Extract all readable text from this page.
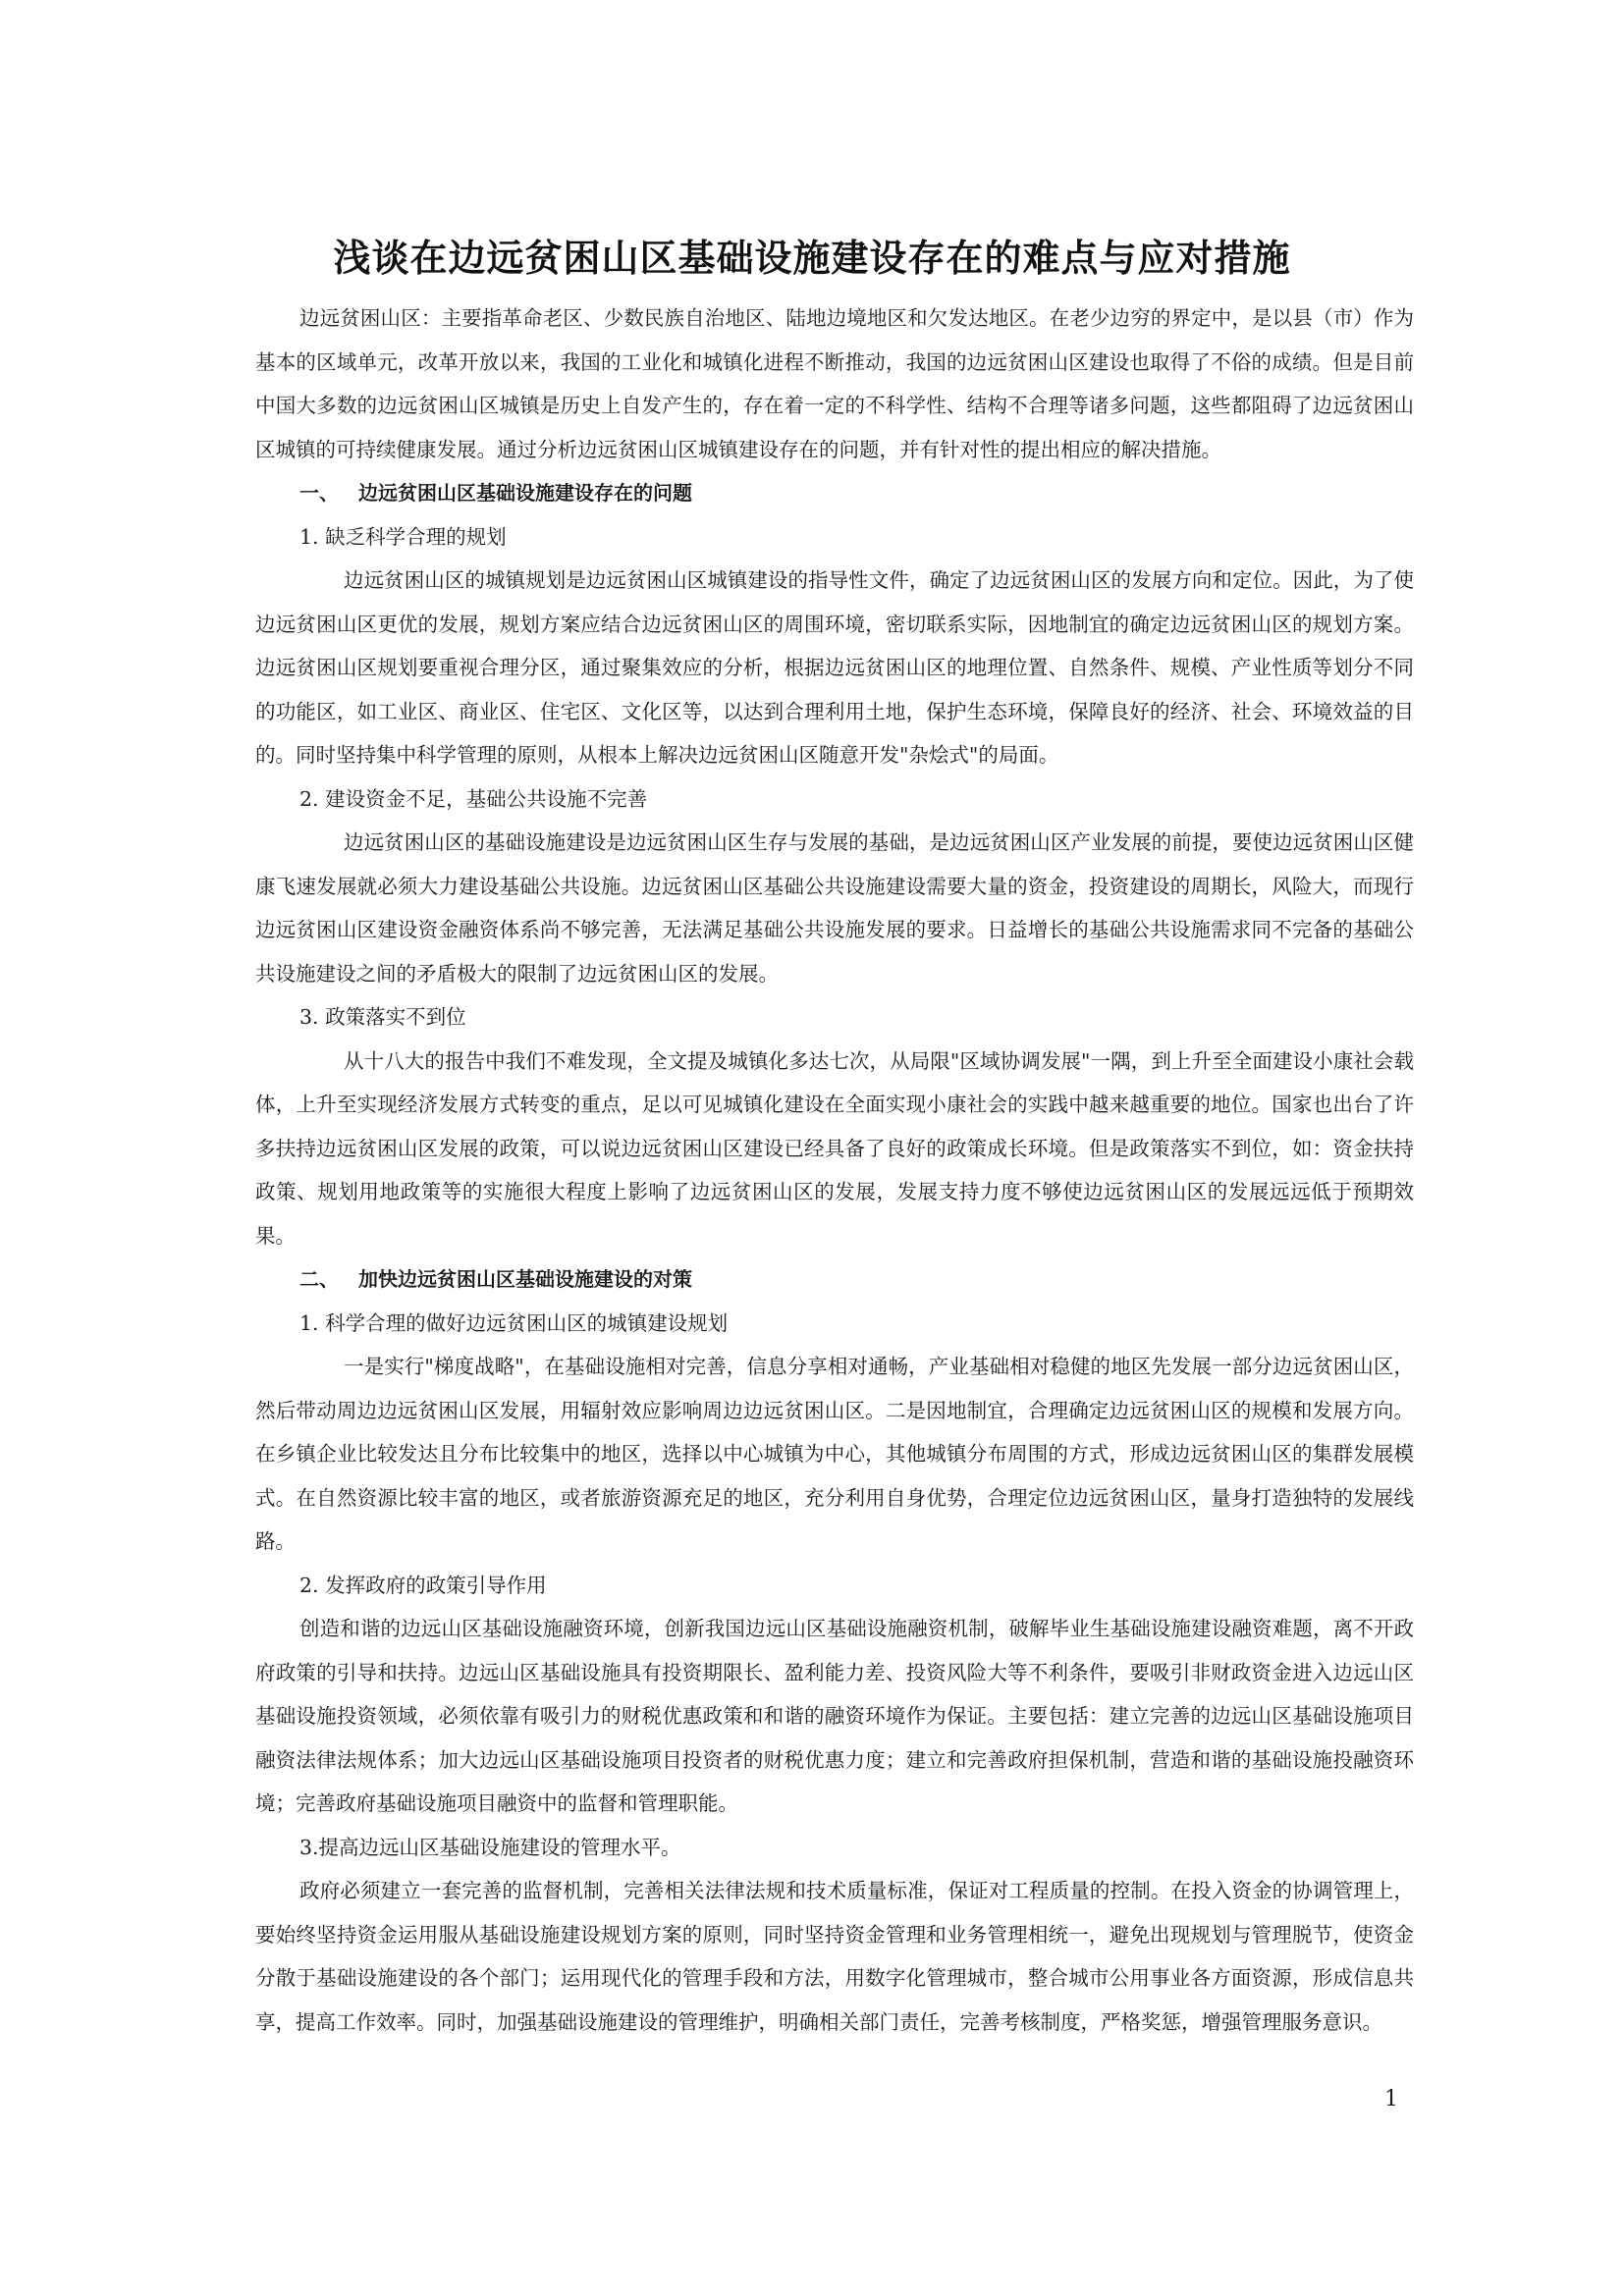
浅谈在边远贫困山区基础设施建设存在的难点与应对措施

边远贫困山区：主要指革命老区、少数民族自治地区、陆地边境地区和欠发达地区。在老少边穷的界定中，是以县（市）作为基本的区域单元，改革开放以来，我国的工业化和城镇化进程不断推动，我国的边远贫困山区建设也取得了不俗的成绩。但是目前中国大多数的边远贫困山区城镇是历史上自发产生的，存在着一定的不科学性、结构不合理等诸多问题，这些都阻碍了边远贫困山区城镇的可持续健康发展。通过分析边远贫困山区城镇建设存在的问题，并有针对性的提出相应的解决措施。

一、 边远贫困山区基础设施建设存在的问题

1. 缺乏科学合理的规划

边远贫困山区的城镇规划是边远贫困山区城镇建设的指导性文件，确定了边远贫困山区的发展方向和定位。因此，为了使边远贫困山区更优的发展，规划方案应结合边远贫困山区的周围环境，密切联系实际，因地制宜的确定边远贫困山区的规划方案。边远贫困山区规划要重视合理分区，通过聚集效应的分析，根据边远贫困山区的地理位置、自然条件、规模、产业性质等划分不同的功能区，如工业区、商业区、住宅区、文化区等，以达到合理利用土地，保护生态环境，保障良好的经济、社会、环境效益的目的。同时坚持集中科学管理的原则，从根本上解决边远贫困山区随意开发"杂烩式"的局面。

2. 建设资金不足，基础公共设施不完善

边远贫困山区的基础设施建设是边远贫困山区生存与发展的基础，是边远贫困山区产业发展的前提，要使边远贫困山区健康飞速发展就必须大力建设基础公共设施。边远贫困山区基础公共设施建设需要大量的资金，投资建设的周期长，风险大，而现行边远贫困山区建设资金融资体系尚不够完善，无法满足基础公共设施发展的要求。日益增长的基础公共设施需求同不完备的基础公共设施建设之间的矛盾极大的限制了边远贫困山区的发展。

3. 政策落实不到位

从十八大的报告中我们不难发现，全文提及城镇化多达七次，从局限"区域协调发展"一隅，到上升至全面建设小康社会载体，上升至实现经济发展方式转变的重点，足以可见城镇化建设在全面实现小康社会的实践中越来越重要的地位。国家也出台了许多扶持边远贫困山区发展的政策，可以说边远贫困山区建设已经具备了良好的政策成长环境。但是政策落实不到位，如：资金扶持政策、规划用地政策等的实施很大程度上影响了边远贫困山区的发展，发展支持力度不够使边远贫困山区的发展远远低于预期效果。

二、 加快边远贫困山区基础设施建设的对策

1. 科学合理的做好边远贫困山区的城镇建设规划

一是实行"梯度战略"，在基础设施相对完善，信息分享相对通畅，产业基础相对稳健的地区先发展一部分边远贫困山区，然后带动周边边远贫困山区发展，用辐射效应影响周边边远贫困山区。二是因地制宜，合理确定边远贫困山区的规模和发展方向。在乡镇企业比较发达且分布比较集中的地区，选择以中心城镇为中心，其他城镇分布周围的方式，形成边远贫困山区的集群发展模式。在自然资源比较丰富的地区，或者旅游资源充足的地区，充分利用自身优势，合理定位边远贫困山区，量身打造独特的发展线路。

2. 发挥政府的政策引导作用

创造和谐的边远山区基础设施融资环境，创新我国边远山区基础设施融资机制，破解毕业生基础设施建设融资难题，离不开政府政策的引导和扶持。边远山区基础设施具有投资期限长、盈利能力差、投资风险大等不利条件，要吸引非财政资金进入边远山区基础设施投资领域，必须依靠有吸引力的财税优惠政策和和谐的融资环境作为保证。主要包括：建立完善的边远山区基础设施项目融资法律法规体系；加大边远山区基础设施项目投资者的财税优惠力度；建立和完善政府担保机制，营造和谐的基础设施投融资环境；完善政府基础设施项目融资中的监督和管理职能。

3.提高边远山区基础设施建设的管理水平。

政府必须建立一套完善的监督机制，完善相关法律法规和技术质量标准，保证对工程质量的控制。在投入资金的协调管理上，要始终坚持资金运用服从基础设施建设规划方案的原则，同时坚持资金管理和业务管理相统一，避免出现规划与管理脱节，使资金分散于基础设施建设的各个部门；运用现代化的管理手段和方法，用数字化管理城市，整合城市公用事业各方面资源，形成信息共享，提高工作效率。同时，加强基础设施建设的管理维护，明确相关部门责任，完善考核制度，严格奖惩，增强管理服务意识。

1
